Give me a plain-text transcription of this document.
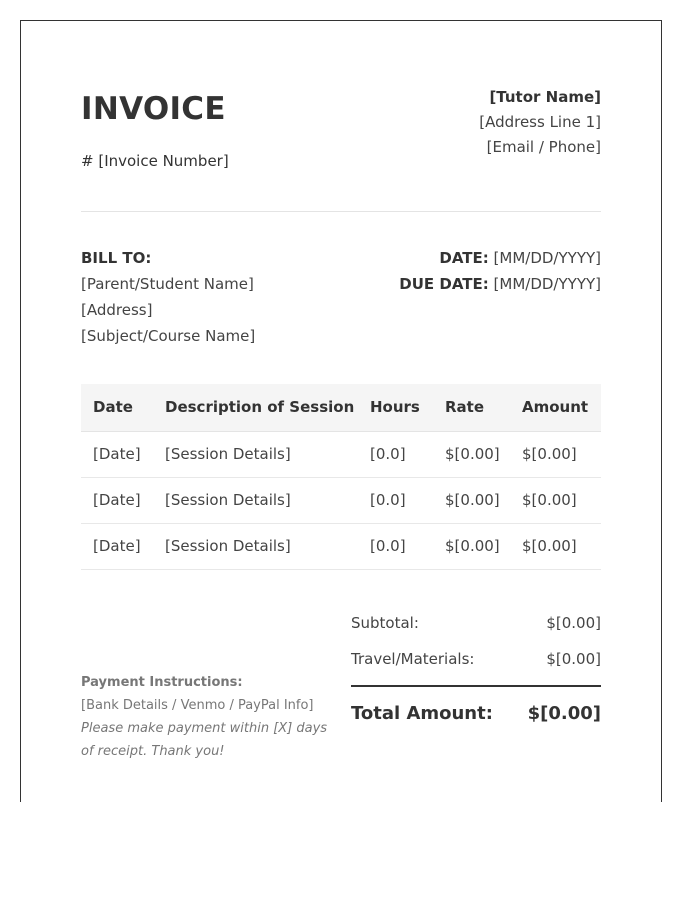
INVOICE
# [Invoice Number]
[Tutor Name]
[Address Line 1]
[Email / Phone]
BILL TO:
[Parent/Student Name]
[Address]
[Subject/Course Name]
DATE: [MM/DD/YYYY]
DUE DATE: [MM/DD/YYYY]
Date	Description of Session	Hours	Rate	Amount
[Date]	[Session Details]	[0.0]	$[0.00]	$[0.00]
[Date]	[Session Details]	[0.0]	$[0.00]	$[0.00]
[Date]	[Session Details]	[0.0]	$[0.00]	$[0.00]
Subtotal:	$[0.00]
Travel/Materials:	$[0.00]
Total Amount: $[0.00]
Payment Instructions:
[Bank Details / Venmo / PayPal Info]
Please make payment within [X] days of receipt. Thank you!
